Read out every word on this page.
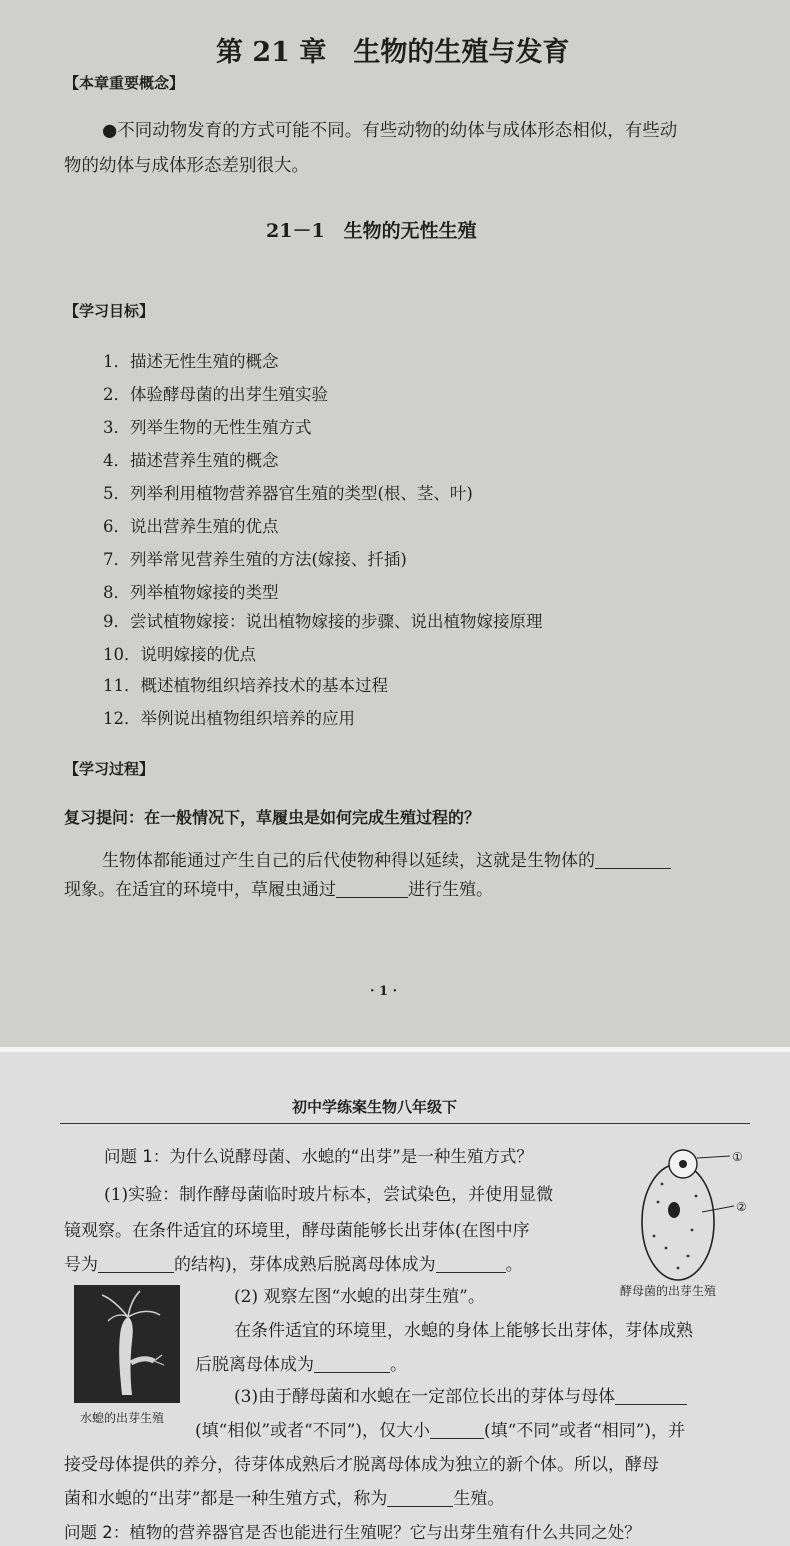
第 21 章　生物的生殖与发育
【本章重要概念】
●不同动物发育的方式可能不同。有些动物的幼体与成体形态相似，有些动
物的幼体与成体形态差别很大。
21－1　生物的无性生殖
【学习目标】
1．描述无性生殖的概念
2．体验酵母菌的出芽生殖实验
3．列举生物的无性生殖方式
4．描述营养生殖的概念
5．列举利用植物营养器官生殖的类型(根、茎、叶)
6．说出营养生殖的优点
7．列举常见营养生殖的方法(嫁接、扦插)
8．列举植物嫁接的类型
9．尝试植物嫁接：说出植物嫁接的步骤、说出植物嫁接原理
10．说明嫁接的优点
11．概述植物组织培养技术的基本过程
12．举例说出植物组织培养的应用
【学习过程】
复习提问：在一般情况下，草履虫是如何完成生殖过程的？
生物体都能通过产生自己的后代使物种得以延续，这就是生物体的
现象。在适宜的环境中，草履虫通过	进行生殖。
· 1 ·
初中学练案生物八年级下
问题 1：为什么说酵母菌、水螅的“出芽”是一种生殖方式？
(1)实验：制作酵母菌临时玻片标本，尝试染色，并使用显微
镜观察。在条件适宜的环境里，酵母菌能够长出芽体(在图中序
号为	的结构)，芽体成熟后脱离母体成为	。
①
②
酵母菌的出芽生殖
(2) 观察左图“水螅的出芽生殖”。
在条件适宜的环境里，水螅的身体上能够长出芽体，芽体成熟
后脱离母体成为	。
(3)由于酵母菌和水螅在一定部位长出的芽体与母体
(填“相似”或者“不同”)，仅大小	(填“不同”或者“相同”)，并
接受母体提供的养分，待芽体成熟后才脱离母体成为独立的新个体。所以，酵母
菌和水螅的“出芽”都是一种生殖方式，称为	生殖。
问题 2：植物的营养器官是否也能进行生殖呢？它与出芽生殖有什么共同之处？
水螅的出芽生殖
